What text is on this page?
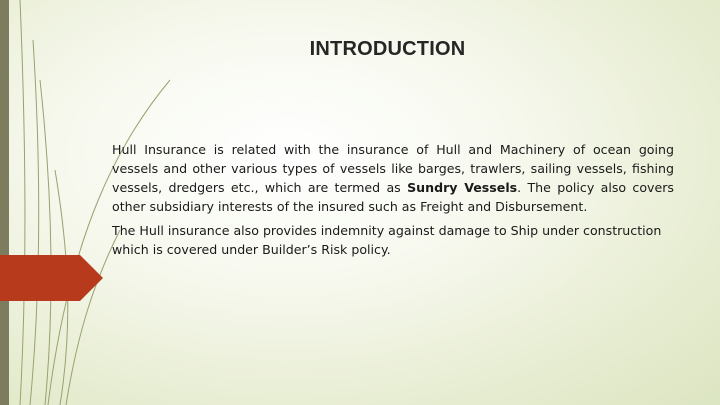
INTRODUCTION

Hull Insurance is related with the insurance of Hull and Machinery of ocean going vessels and other various types of vessels like barges, trawlers, sailing vessels, fishing vessels, dredgers etc., which are termed as Sundry Vessels. The policy also covers other subsidiary interests of the insured such as Freight and Disbursement.

The Hull insurance also provides indemnity against damage to Ship under construction which is covered under Builder’s Risk policy.
